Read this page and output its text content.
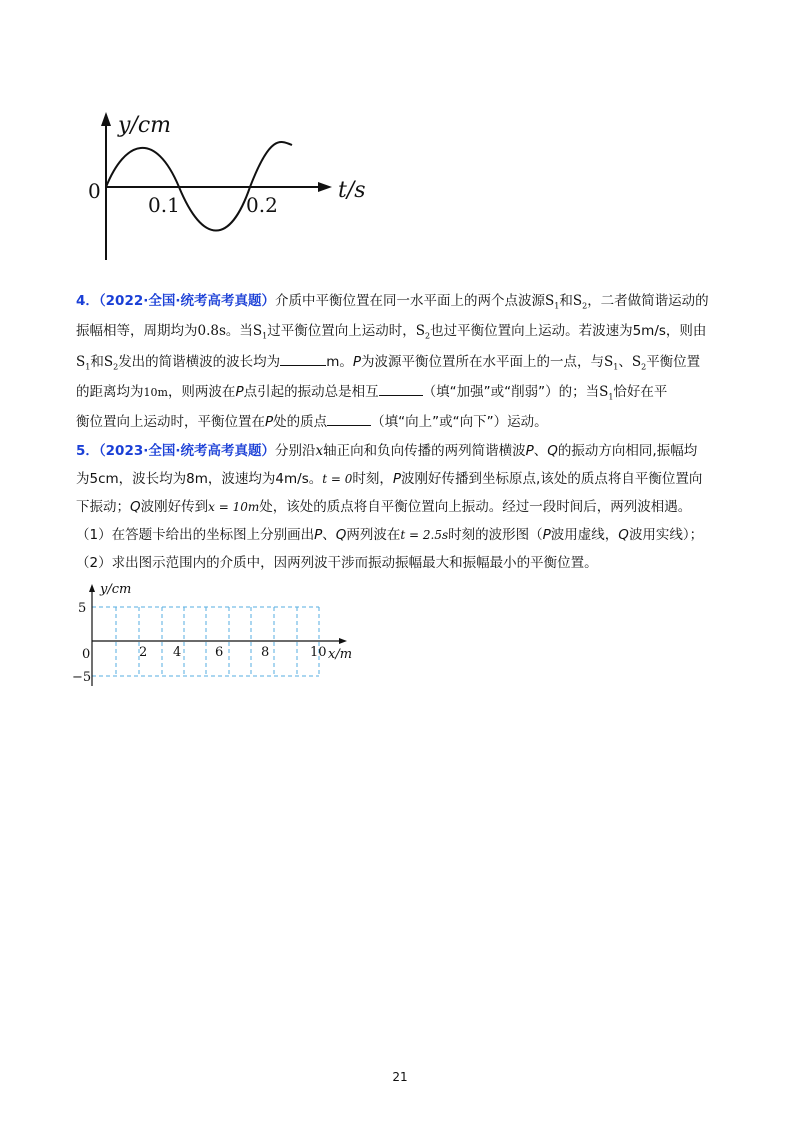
y/cm
t/s
0
0.1	0.2
4．（2022·全国·统考高考真题）介质中平衡位置在同一水平面上的两个点波源$S_1$和$S_2$，二者做简谐运动的
振幅相等，周期均为0.8s。当$S_1$过平衡位置向上运动时，$S_2$也过平衡位置向上运动。若波速为5m/s，则由
$S_1$和$S_2$发出的简谐横波的波长均为	m。P为波源平衡位置所在水平面上的一点，与$S_1$、$S_2$平衡位置
的距离均为10m，则两波在P点引起的振动总是相互	（填“加强”或“削弱”）的；当$S_1$恰好在平
衡位置向上运动时，平衡位置在P处的质点	（填“向上”或“向下”）运动。
5．（2023·全国·统考高考真题）分别沿x轴正向和负向传播的两列简谐横波P、Q的振动方向相同,振幅均
为5cm，波长均为8m，波速均为4m/s。t = 0时刻，P波刚好传播到坐标原点,该处的质点将自平衡位置向
下振动；Q波刚好传到x = 10m处，该处的质点将自平衡位置向上振动。经过一段时间后，两列波相遇。
（1）在答题卡给出的坐标图上分别画出P、Q两列波在t = 2.5s时刻的波形图（P波用虚线，Q波用实线）；
（2）求出图示范围内的介质中，因两列波干涉而振动振幅最大和振幅最小的平衡位置。
y/cm
x/m
5
−5
0	2 4	6	8	10
21
